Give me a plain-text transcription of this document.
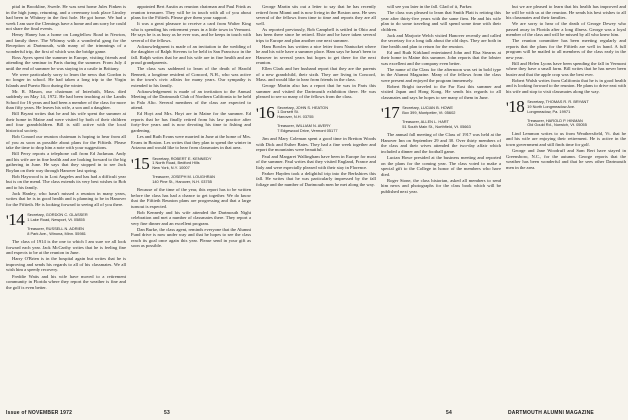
pital in Brookline, Swede. He was sent home Jules Finken is in the high jump, returning, and a ceremony took place Linsley had been in Whitney in the first hole. He got home. We had a week I am sure the Clemings have a home and am sorry he could not share the final events.

Henry Haney has a home on Longfellow Road in Newton, and family there. The Whimsy with a wonderful gang for the Reception at Dartmouth, with many of the trimmings of a wonderful trip, the first of which was the bridge game.

Ross Ayres spent the summer in Europe, visiting friends and attending the seminar in Paris during the summer. From July 4 until the end of summer he was staying in a castle in Brittany.

We were particularly sorry to learn the news that Gordon is no longer in school. He had taken a long trip to the Virgin Islands and Puerto Rico during the winter.

Mr. R. Mason, our chairman of Interfaith, Mass. died suddenly on May 14, 1972. He had been teaching at the Landis School for 16 years and had been a member of the class for more than fifty years. He leaves his wife, a son and a daughter.

Bill Bryant writes that he and his wife spent the summer at their home in Maine and were visited by both of their children and four grandchildren. Bill is still active with the local historical society.

Bob Conard our reunion chairman is hoping to hear from all of you as soon as possible about plans for the Fiftieth. Please take the time to drop him a note with your suggestions.

Bill Perry reports a telephone call from Ed Jackman. Andy and his wife are in fine health and are looking forward to the big gathering in June. He says that they stopped in to see Jack Boylan on their way through Hanover last spring.

Bob Haywood is in Lost Angeles and has had a difficult year but is on the mend. The class extends its very best wishes to Bob and to his family.

Jack Hanley, who hasn't missed a reunion in many years, writes that he is in good health and is planning to be in Hanover for the Fiftieth. He is looking forward to seeing all of you there.

'14 Secretary, GORDON C. GLASSER
1 Lake Road, Newport, Vt. 05855

Treasurer, RUSSELL N. ADRIEN
8 Park Ave., Winona, Minn. 55981

The class of 1914 is the one to which I am sure we all look forward each year. Jack McCarthy writes that he is feeling fine and expects to be at the reunion in June.

Harry O'Brien is in the hospital again but writes that he is improving and sends his regards to all of his classmates. We all wish him a speedy recovery.

Freddie Watts and his wife have moved to a retirement community in Florida where they report the weather is fine and the golf is even better.

appointed Bert Austin as reunion chairman and Paul Frink as reunion treasurer. They will be in touch with all of you about plans for the Fiftieth. Please give them your support.

It was a great pleasure to receive a card from Walter King who is spending his retirement years in a little town in Vermont. He says he is as busy as he ever was, and he keeps in touch with several of the fellows.

Acknowledgment is made of an invitation to the wedding of the daughter of Ralph Stevens to be held in San Francisco in the fall. Ralph writes that he and his wife are in fine health and are proud grandparents.

The class was saddened to learn of the death of Harold Bennett, a longtime resident of Concord, N.H., who was active in the town's civic affairs for many years. Our sympathy is extended to his family.

Acknowledgement is made of an invitation to the Annual Meeting of the Dartmouth Club of Northern California to be held in Palo Alto. Several members of the class are expected to attend.

Ed Hoyt and Mrs. Hoyt are in Maine for the summer. Ed reports that he has finally retired from his law practice after forty-five years and is now devoting his time to fishing and gardening.

Les and Ruth Evans were married in June at the home of Mrs. Evans in Boston. Les writes that they plan to spend the winter in Arizona and would like to hear from classmates in that area.

'15 Secretary, ROBERT E. KENNEDY
1 North Road, Bedford Hills
New York, N.Y. 10007

Treasurer, JOSEPH M. LOUGHRAN
140 Pine St., Hanover, N.H. 03755

Because of the time of the year, this report has to be written before the class has had a chance to get together. We do know that the Fiftieth Reunion plans are progressing and that a large turnout is expected.

Bob Kennedy and his wife attended the Dartmouth Night celebration and met a number of classmates there. They report a very fine dinner and an excellent program.

Dan Burke, the class agent, reminds everyone that the Alumni Fund drive is now under way and that he hopes to see the class reach its goal once again this year. Please send in your gift as soon as possible.

George Martin sits out a letter to say that he has recently retired from Miami and is now living in the Boston area. He sees several of the fellows from time to time and reports they are all well.

As reported previously, Bob Campbell is settled in Ohio and has been there since he retired. Elsie and he have taken several trips to Europe and plan another one next summer.

Ham Bowles has written a nice letter from Nantucket where he and his wife have a summer place. Ham says he hasn't been to Hanover in several years but hopes to get there for the next reunion.

Ellen Clark and her husband report that they are the parents of a new grandchild, their sixth. They are living in Concord, Mass. and would like to hear from friends in the class.

George Martin also has a report that he was in Paris this summer and visited the Dartmouth exhibition there. He was pleased to see so many of the fellows from the class.

'16 Secretary, JOHN S. HEATON
1 Dorsett St.
Hanover, N.H. 03755

Treasurer, WILLIAM N. AVERY
7 Edgewood Drive, Vermont 05177

Jim and Mary Coleman spent a good time in Bretton Woods with Dick and Esther Bates. They had a fine week together and report the mountains were beautiful.

Paul and Margaret Wallingham have been in Europe for most of the summer. Paul writes that they visited England, France and Italy and were especially pleased with their stay in Florence.

Parker Hayden took a delightful trip into the Berkshires this fall. He writes that he was particularly impressed by the fall foliage and the number of Dartmouth men he met along the way.

will see you later in the fall. Glad of it, Parker.

The class was pleased to learn that Smith Platt is retiring this year after thirty-five years with the same firm. He and his wife plan to do some traveling and will spend some time with their children.

Jack and Marjorie Welch visited Hanover recently and called the secretary for a long talk about the old days. They are both in fine health and plan to return for the reunion.

Ed and Ruth Kirkland entertained John and Elsa Stearns at their home in Maine this summer. John reports that the lobster was excellent and the company even better.

The name of the Class for the afternoon was set in bold type in the Alumni Magazine. Many of the fellows from the class were present and enjoyed the program immensely.

Robert Bright traveled to the Far East this summer and visited Japan and Hong Kong. He sends his regards to all classmates and says he hopes to see many of them in June.

'17 Secretary, LUCIAN B. HOWE
Box 399, Montpelier, Vt. 05602

Treasurer, ALLEN L. HART
51 South Main St., Northfield, Vt. 05663

The annual fall meeting of the Class of 1917 was held at the Hanover Inn on September 29 and 30. Over thirty members of the class and their wives attended the two-day affair which included a dinner and the football game.

Lucian Howe presided at the business meeting and reported on the plans for the coming year. The class voted to make a special gift to the College in honor of the members who have died.

Roger Stone, the class historian, asked all members to send him news and photographs for the class book which will be published next year.

but we are pleased to learn that his health has improved and he will be with us at the reunion. He sends his best wishes to all his classmates and their families.

We are sorry to hear of the death of George Dewey who passed away in Florida after a long illness. George was a loyal member of the class and will be missed by all who knew him.

The reunion committee has been meeting regularly and reports that the plans for the Fiftieth are well in hand. A full program will be mailed to all members of the class early in the new year.

Bill and Helen Lyons have been spending the fall in Vermont where they have a small farm. Bill writes that he has never been busier and that the apple crop was the best ever.

Robert Walsh writes from California that he is in good health and is looking forward to the reunion. He plans to drive east with his wife and stop to visit classmates along the way.

'18 Secretary, THOMAS R. R. BRYANT
19 North Longmeadow Ave.
Longmeadow, Pa. 19971

Treasurer, HAROLD P. HINMAN
Old Gould Rd., Norwich, Vt. 05055

Lind Lemmon writes to us from Weathersfield, Vt. that he and his wife are enjoying their retirement. He is active in the town government and still finds time for golf.

George and Jane Woodruff and Sam Bert have stayed in Greensboro, N.C., for the autumn. George reports that the weather has been wonderful and that he sees other Dartmouth men in the area.

Issue of NOVEMBER 1972	53	54	DARTMOUTH ALUMNI MAGAZINE
